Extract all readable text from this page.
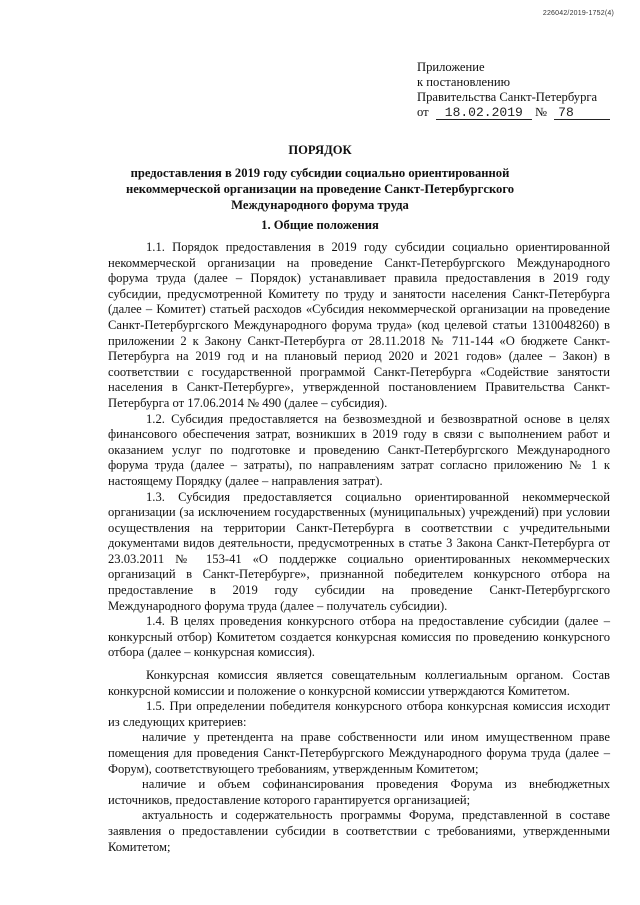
226042/2019-1752(4)
Приложение
к постановлению
Правительства Санкт-Петербурга
от 18.02.2019 № 78
ПОРЯДОК
предоставления в 2019 году субсидии социально ориентированной
некоммерческой организации на проведение Санкт-Петербургского
Международного форума труда
1. Общие положения

1.1. Порядок предоставления в 2019 году субсидии социально ориентированной некоммерческой организации на проведение Санкт-Петербургского Международного форума труда (далее – Порядок) устанавливает правила предоставления в 2019 году субсидии, предусмотренной Комитету по труду и занятости населения Санкт-Петербурга (далее – Комитет) статьей расходов «Субсидия некоммерческой организации на проведение Санкт-Петербургского Международного форума труда» (код целевой статьи 1310048260) в приложении 2 к Закону Санкт-Петербурга от 28.11.2018 № 711-144 «О бюджете Санкт-Петербурга на 2019 год и на плановый период 2020 и 2021 годов» (далее – Закон) в соответствии с государственной программой Санкт-Петербурга «Содействие занятости населения в Санкт-Петербурге», утвержденной постановлением Правительства Санкт-Петербурга от 17.06.2014 № 490 (далее – субсидия).

1.2. Субсидия предоставляется на безвозмездной и безвозвратной основе в целях финансового обеспечения затрат, возникших в 2019 году в связи с выполнением работ и оказанием услуг по подготовке и проведению Санкт-Петербургского Международного форума труда (далее – затраты), по направлениям затрат согласно приложению № 1 к настоящему Порядку (далее – направления затрат).

1.3. Субсидия предоставляется социально ориентированной некоммерческой организации (за исключением государственных (муниципальных) учреждений) при условии осуществления на территории Санкт-Петербурга в соответствии с учредительными документами видов деятельности, предусмотренных в статье 3 Закона Санкт-Петербурга от 23.03.2011 № 153-41 «О поддержке социально ориентированных некоммерческих организаций в Санкт-Петербурге», признанной победителем конкурсного отбора на предоставление в 2019 году субсидии на проведение Санкт-Петербургского Международного форума труда (далее – получатель субсидии).

1.4. В целях проведения конкурсного отбора на предоставление субсидии (далее – конкурсный отбор) Комитетом создается конкурсная комиссия по проведению конкурсного отбора (далее – конкурсная комиссия).

Конкурсная комиссия является совещательным коллегиальным органом. Состав конкурсной комиссии и положение о конкурсной комиссии утверждаются Комитетом.

1.5. При определении победителя конкурсного отбора конкурсная комиссия исходит из следующих критериев:

наличие у претендента на праве собственности или ином имущественном праве помещения для проведения Санкт-Петербургского Международного форума труда (далее –Форум), соответствующего требованиям, утвержденным Комитетом;

наличие и объем софинансирования проведения Форума из внебюджетных источников, предоставление которого гарантируется организацией;

актуальность и содержательность программы Форума, представленной в составе заявления о предоставлении субсидии в соответствии с требованиями, утвержденными Комитетом;
